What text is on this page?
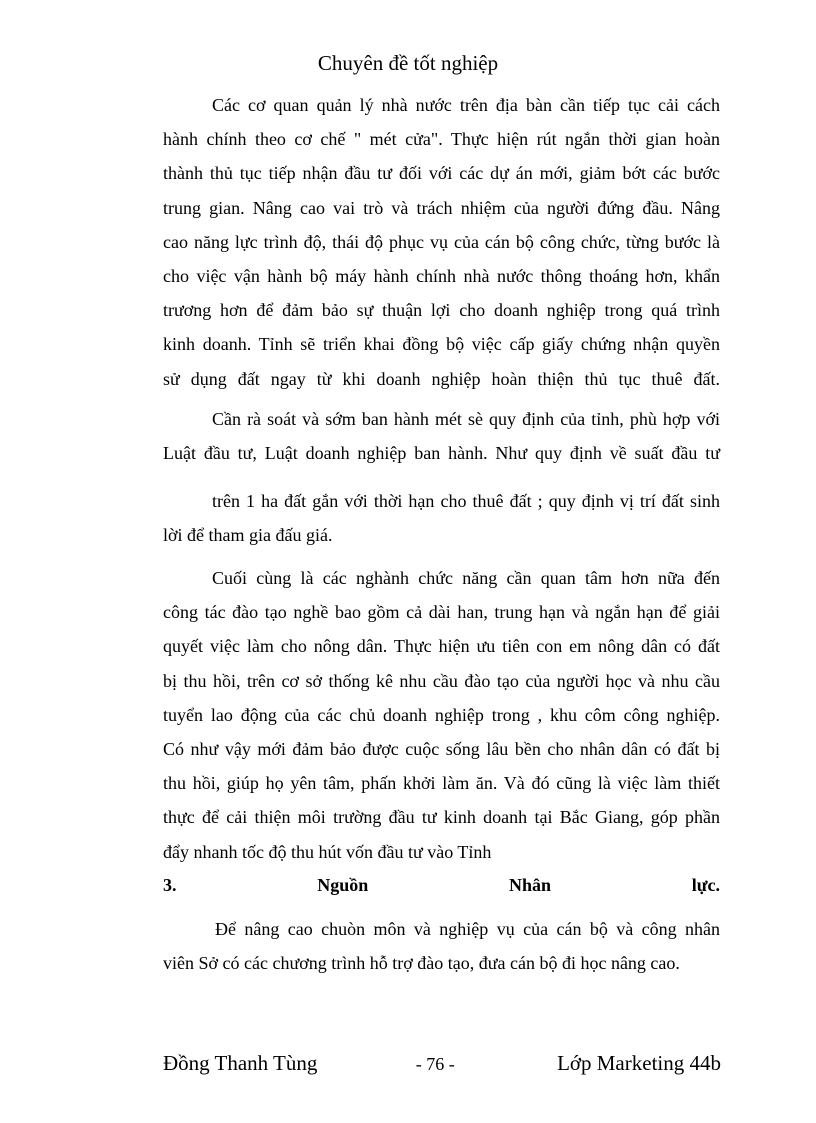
Chuyên đề tốt nghiệp
Các cơ quan quản lý nhà nước trên địa bàn cần tiếp tục cải cách
hành chính theo cơ chế " mét cửa". Thực hiện rút ngắn thời gian hoàn
thành thủ tục tiếp nhận đầu tư đối với các dự án mới, giảm bớt các bước
trung gian. Nâng cao vai trò và trách nhiệm của người đứng đầu. Nâng
cao năng lực trình độ, thái độ phục vụ của cán bộ công chức, từng bước là
cho việc vận hành bộ máy hành chính nhà nước thông thoáng hơn, khẩn
trương hơn để đảm bảo sự thuận lợi cho doanh nghiệp trong quá trình
kinh doanh. Tỉnh sẽ triển khai đồng bộ việc cấp giấy chứng nhận quyền
sử dụng đất ngay từ khi doanh nghiệp hoàn thiện thủ tục thuê đất.
Cần rà soát và sớm ban hành mét sè quy định của tỉnh, phù hợp với
Luật đầu tư, Luật doanh nghiệp ban hành. Như quy định về suất đầu tư
trên 1 ha đất gắn với thời hạn cho thuê đất ; quy định vị trí đất sinh
lời để tham gia đấu giá.
Cuối cùng là các nghành chức năng cần quan tâm hơn nữa đến
công tác đào tạo nghề bao gồm cả dài han, trung hạn và ngắn hạn để giải
quyết việc làm cho nông dân. Thực hiện ưu tiên con em nông dân có đất
bị thu hồi, trên cơ sở thống kê nhu cầu đào tạo của người học và nhu cầu
tuyển lao động của các chủ doanh nghiệp trong , khu côm công nghiệp.
Có như vậy mới đảm bảo được cuộc sống lâu bền cho nhân dân có đất bị
thu hồi, giúp họ yên tâm, phấn khởi làm ăn. Và đó cũng là việc làm thiết
thực để cải thiện môi trường đầu tư kinh doanh tại Bắc Giang, góp phần
đẩy nhanh tốc độ thu hút vốn đầu tư vào Tỉnh
3.	Nguồn	Nhân	lực.
Để nâng cao chuòn môn và nghiệp vụ của cán bộ và công nhân
viên Sở có các chương trình hỗ trợ đào tạo, đưa cán bộ đi học nâng cao.
Đồng Thanh Tùng	- 76 -	Lớp Marketing 44b
